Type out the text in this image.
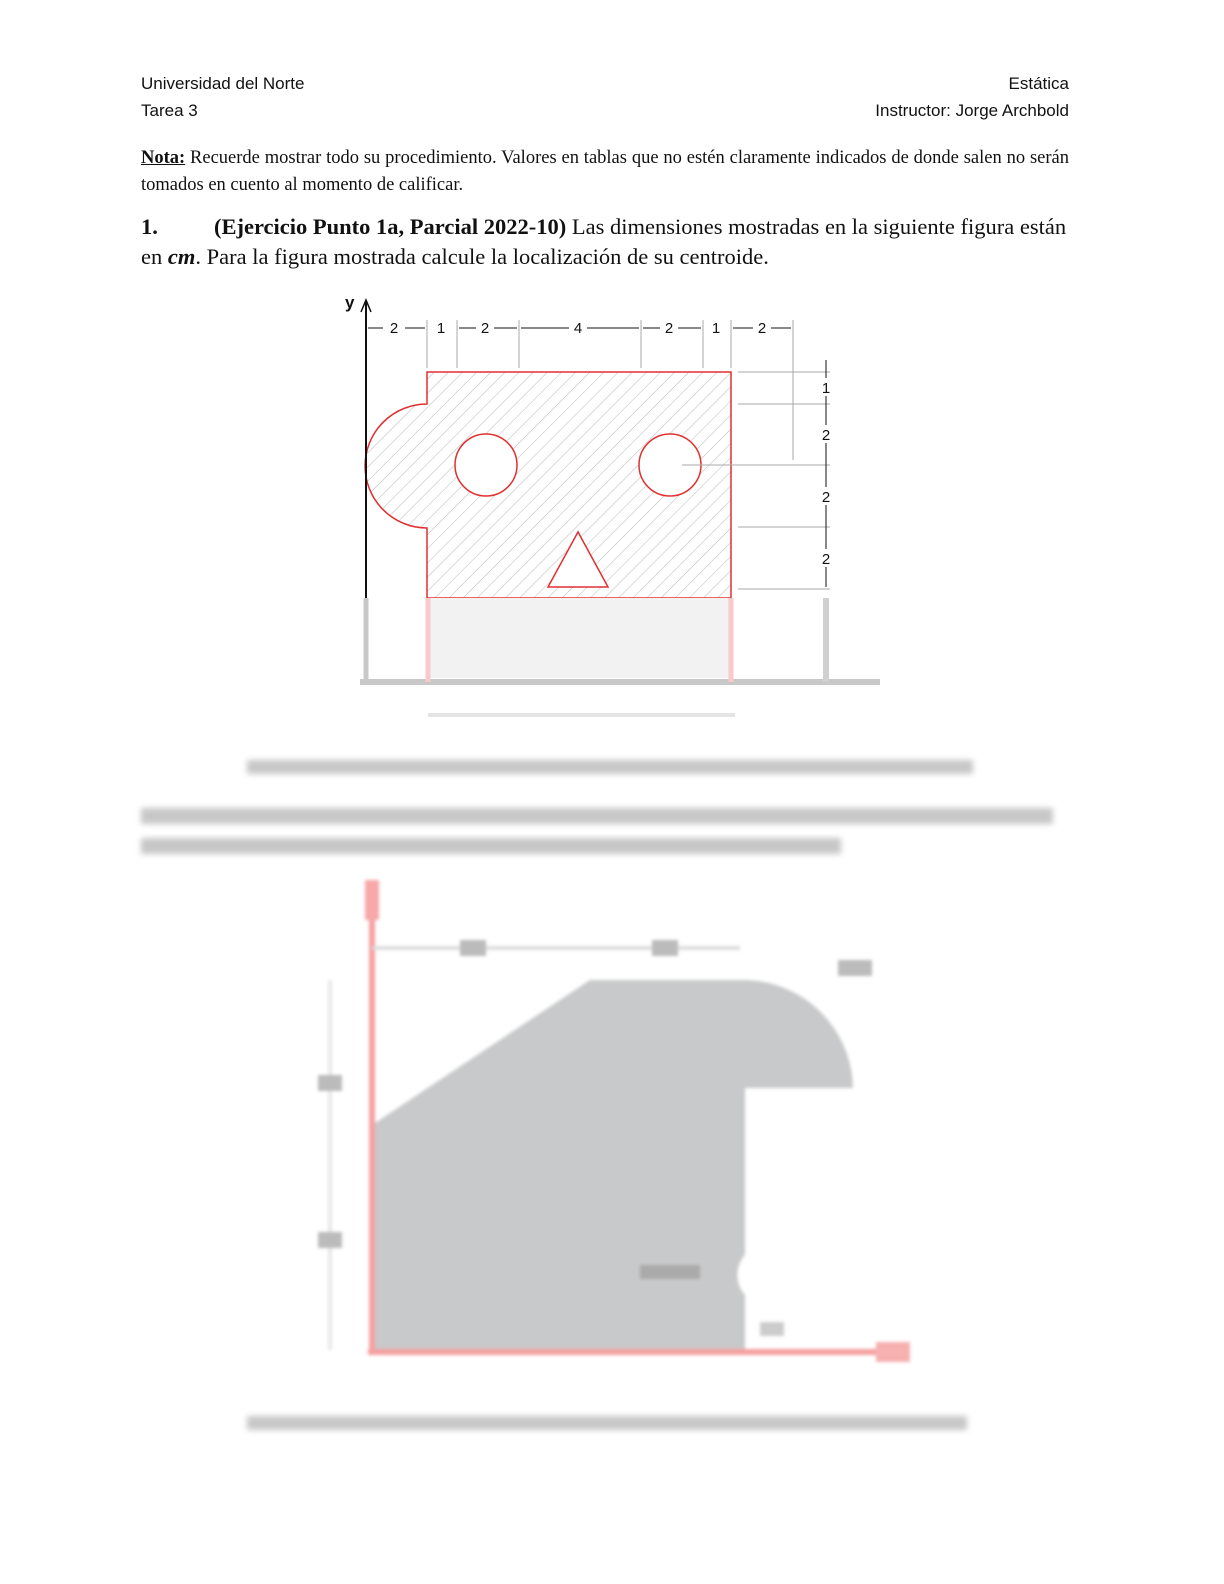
Universidad del Norte
Tarea 3
Estática
Instructor: Jorge Archbold
Nota: Recuerde mostrar todo su procedimiento. Valores en tablas que no estén claramente indicados de donde salen no serán tomados en cuento al momento de calificar.
1. (Ejercicio Punto 1a, Parcial 2022-10) Las dimensiones mostradas en la siguiente figura están en cm. Para la figura mostrada calcule la localización de su centroide.
y
2	1 2	4	2	1	2
1
2
2
2
